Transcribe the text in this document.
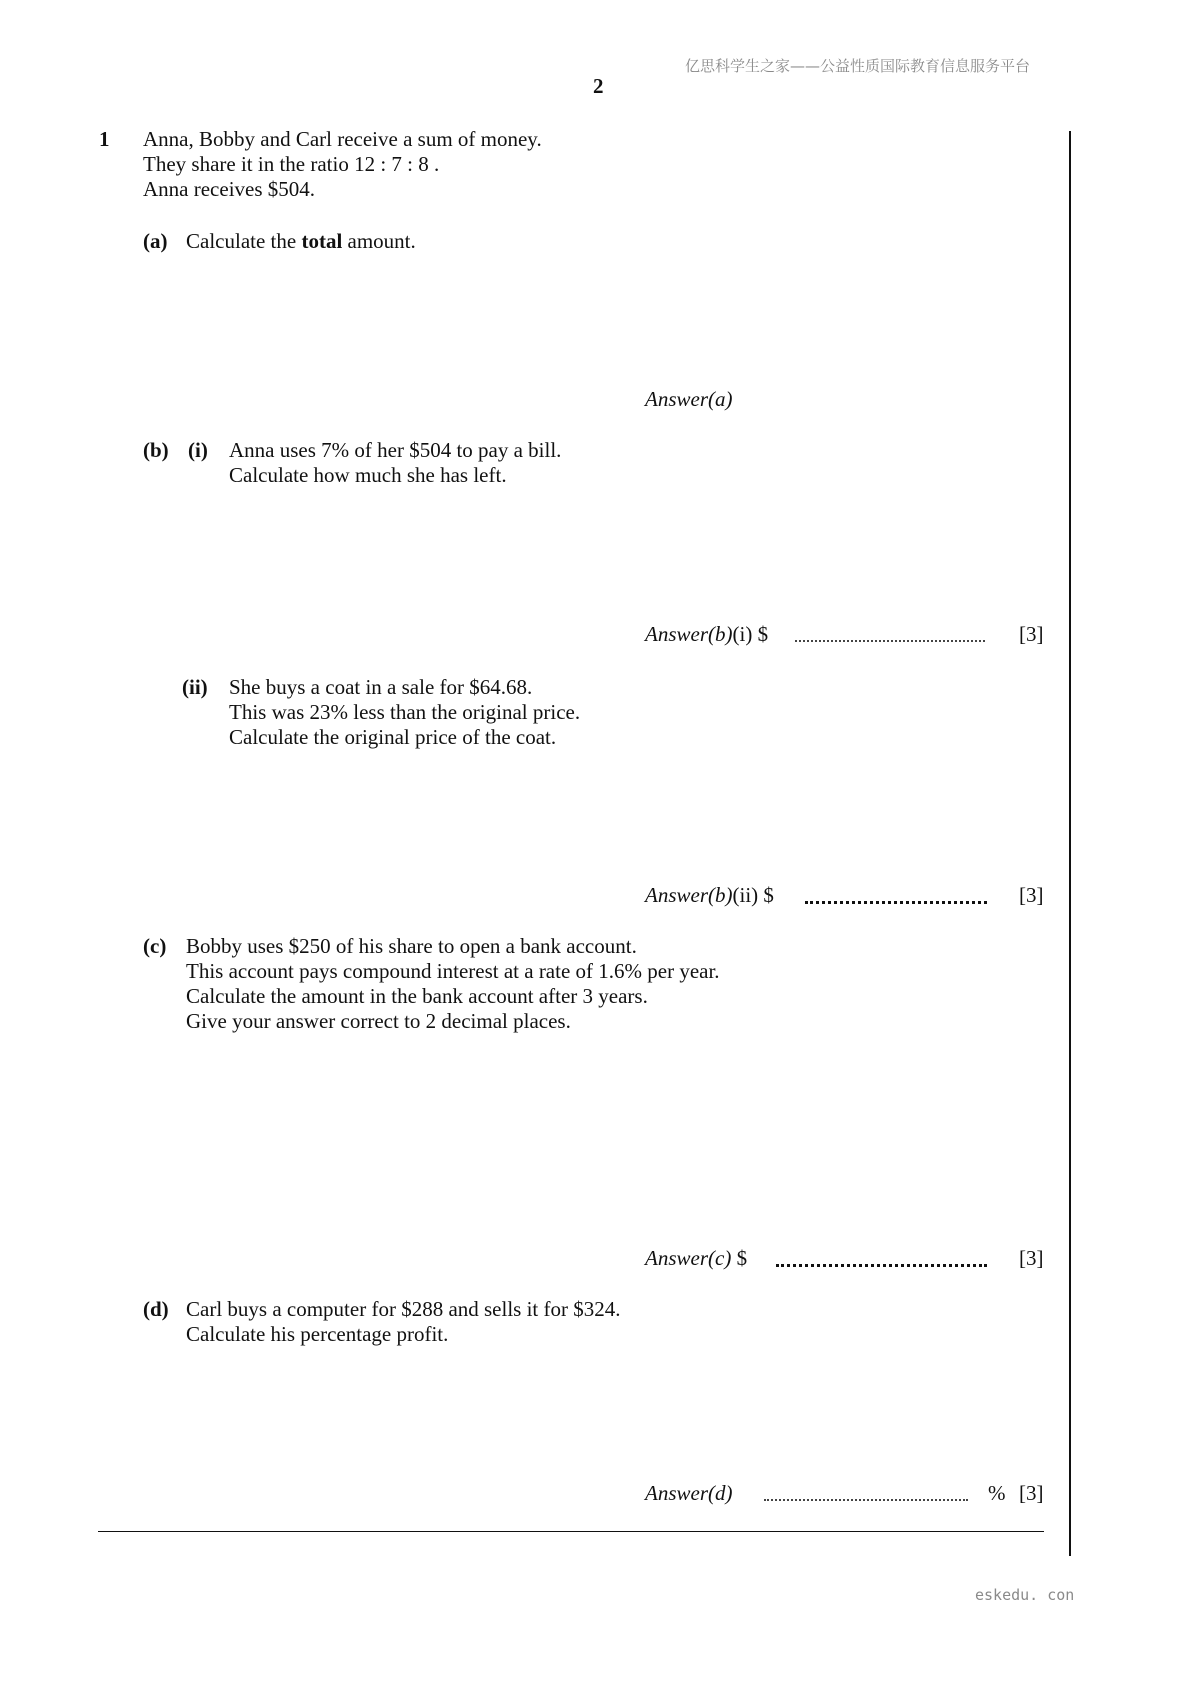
亿思科学生之家——公益性质国际教育信息服务平台
2
1 Anna, Bobby and Carl receive a sum of money.
They share it in the ratio 12 : 7 : 8 .
Anna receives $504.
(a) Calculate the total amount.
Answer(a)
(b) (i) Anna uses 7% of her $504 to pay a bill.
Calculate how much she has left.
Answer(b)(i) $	[3]
(ii) She buys a coat in a sale for $64.68.
This was 23% less than the original price.
Calculate the original price of the coat.
Answer(b)(ii) $	[3]
(c) Bobby uses $250 of his share to open a bank account.
This account pays compound interest at a rate of 1.6% per year.
Calculate the amount in the bank account after 3 years.
Give your answer correct to 2 decimal places.
Answer(c) $	[3]
(d) Carl buys a computer for $288 and sells it for $324.
Calculate his percentage profit.
Answer(d)	% [3]
eskedu. con
